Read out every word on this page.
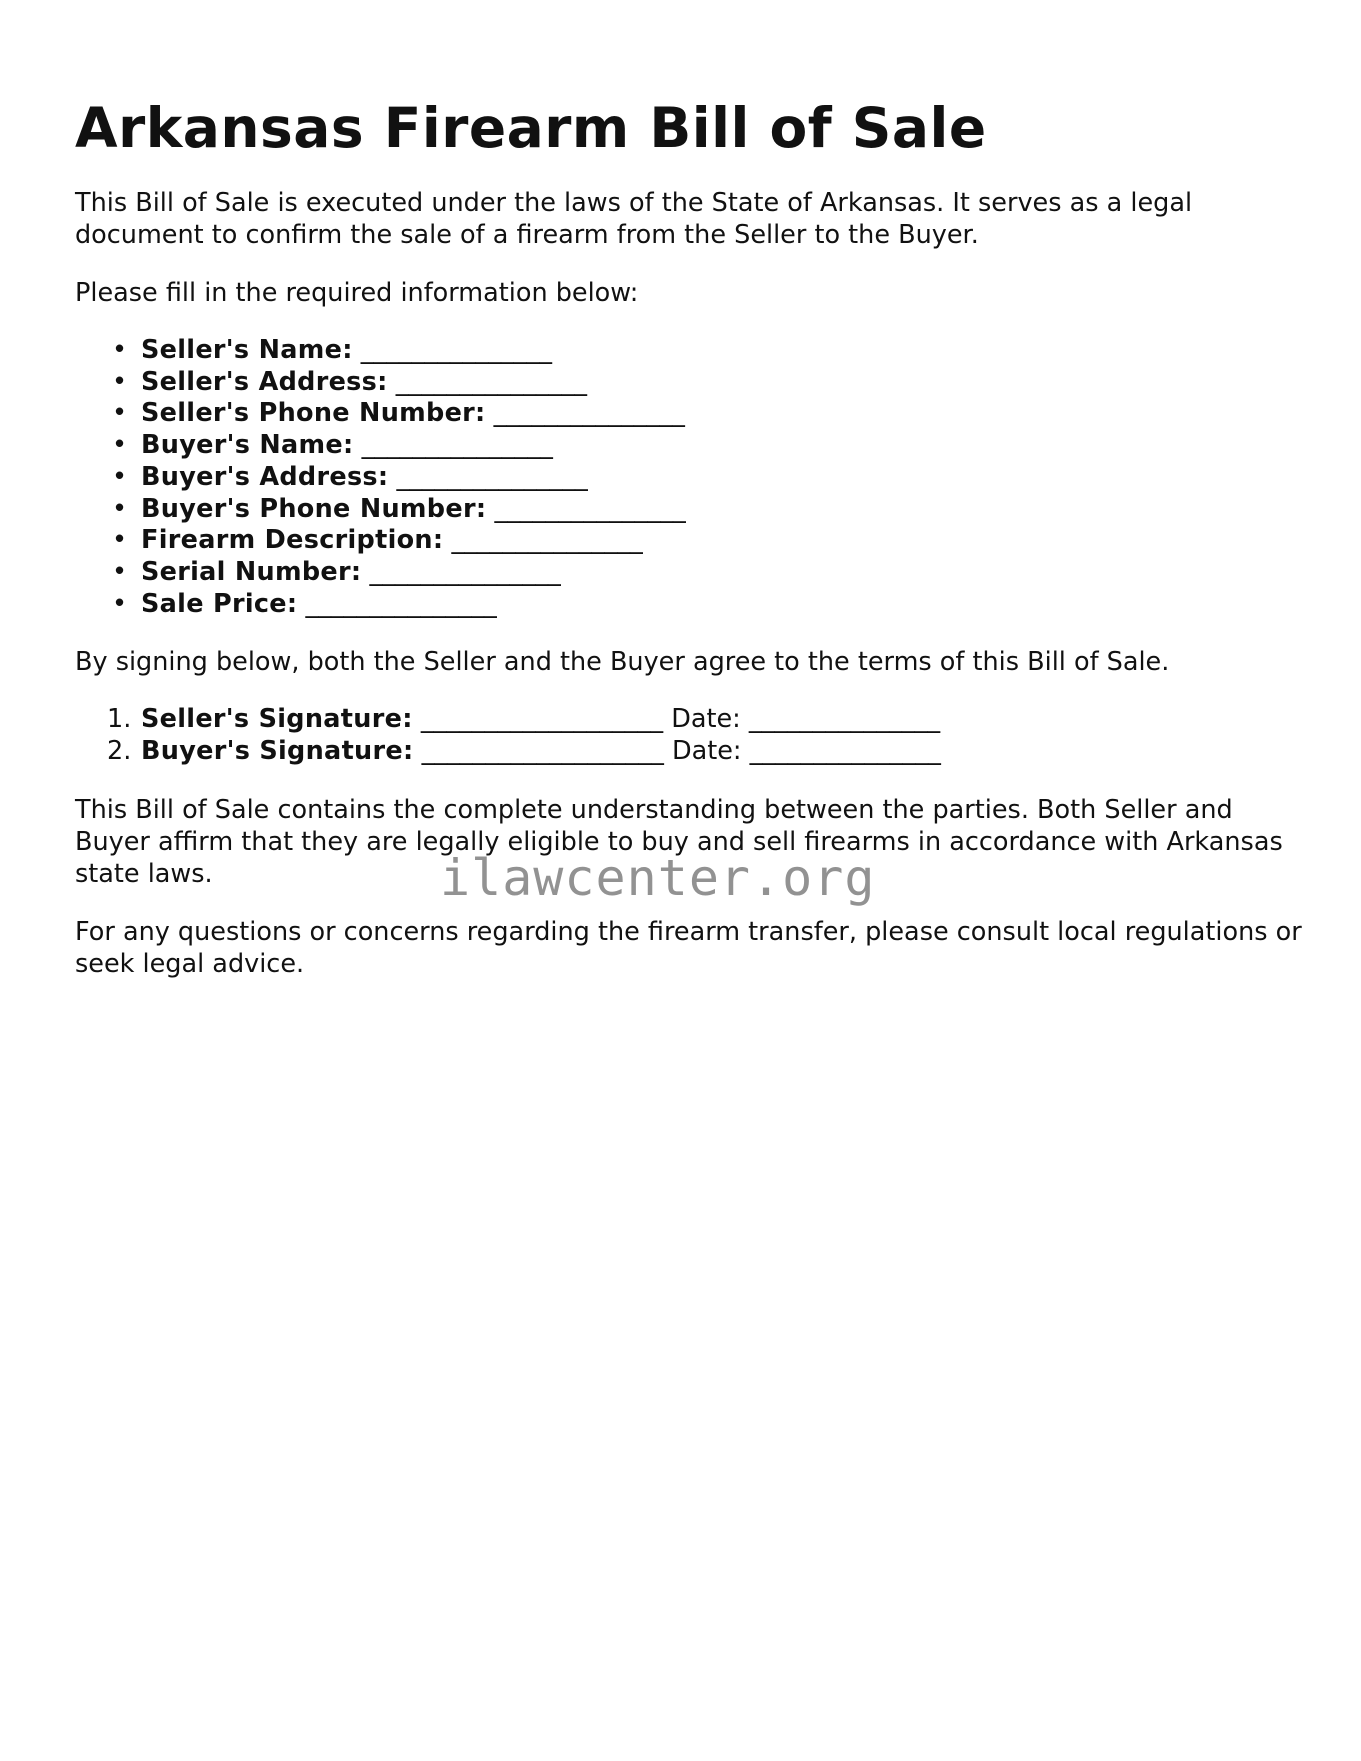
Arkansas Firearm Bill of Sale

This Bill of Sale is executed under the laws of the State of Arkansas. It serves as a legal document to confirm the sale of a firearm from the Seller to the Buyer.

Please fill in the required information below:

• Seller's Name: _______________
• Seller's Address: _______________
• Seller's Phone Number: _______________
• Buyer's Name: _______________
• Buyer's Address: _______________
• Buyer's Phone Number: _______________
• Firearm Description: _______________
• Serial Number: _______________
• Sale Price: _______________

By signing below, both the Seller and the Buyer agree to the terms of this Bill of Sale.

1. Seller's Signature: ___________________ Date: _______________
2. Buyer's Signature: ___________________ Date: _______________

This Bill of Sale contains the complete understanding between the parties. Both Seller and Buyer affirm that they are legally eligible to buy and sell firearms in accordance with Arkansas state laws.

For any questions or concerns regarding the firearm transfer, please consult local regulations or seek legal advice.

ilawcenter.org
